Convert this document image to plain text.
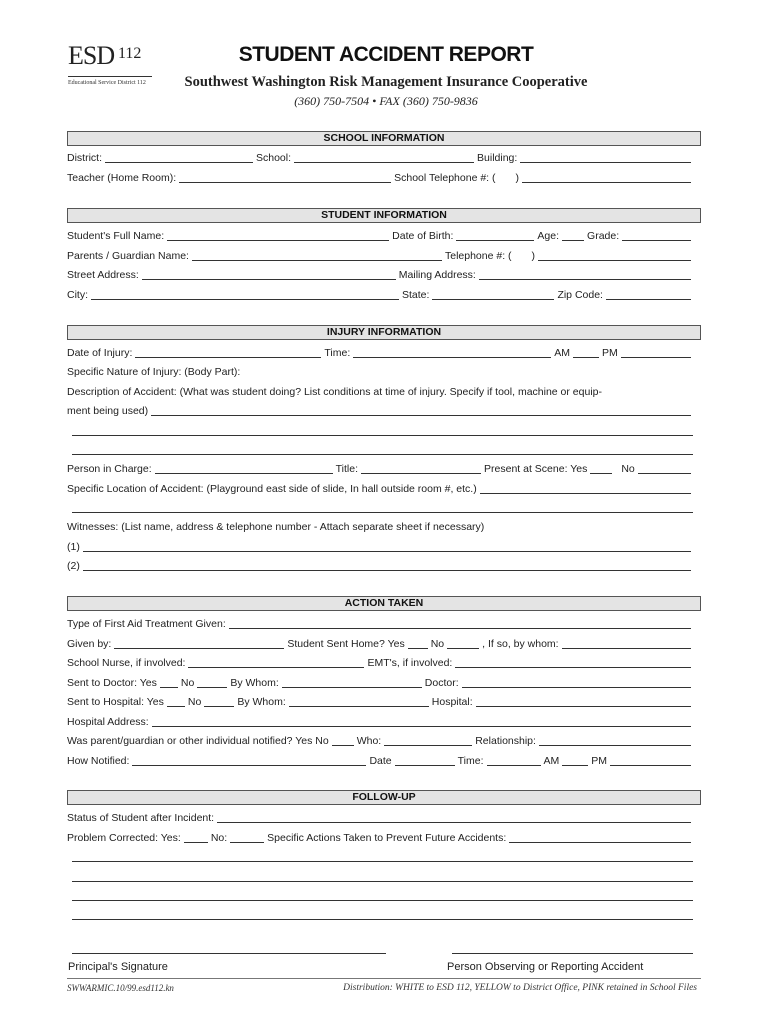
ESD 112
Educational Service District 112
STUDENT ACCIDENT REPORT
Southwest Washington Risk Management Insurance Cooperative
(360) 750-7504 • FAX (360) 750-9836
SCHOOL INFORMATION
District:	School:	Building:
Teacher (Home Room):	School Telephone #: (	)
STUDENT INFORMATION
Student's Full Name:	Date of Birth:	Age:	Grade:
Parents / Guardian Name:	Telephone #: (	)
Street Address:	Mailing Address:
City:	State:	Zip Code:
INJURY INFORMATION
Date of Injury:	Time:	AM	PM
Specific Nature of Injury: (Body Part):
Description of Accident: (What was student doing? List conditions at time of injury. Specify if tool, machine or equip-
ment being used)
Person in Charge:	Title:	Present at Scene: Yes	No
Specific Location of Accident: (Playground east side of slide, In hall outside room #, etc.)
Witnesses: (List name, address & telephone number - Attach separate sheet if necessary)
(1)
(2)
ACTION TAKEN
Type of First Aid Treatment Given:
Given by:	Student Sent Home? Yes No	, If so, by whom:
School Nurse, if involved:	EMT's, if involved:
Sent to Doctor: Yes No	By Whom:	Doctor:
Sent to Hospital: Yes No	By Whom:	Hospital:
Hospital Address:
Was parent/guardian or other individual notified? Yes No	Who:	Relationship:
How Notified:	Date	Time:	AM	PM
FOLLOW-UP
Status of Student after Incident:
Problem Corrected: Yes:	No:	Specific Actions Taken to Prevent Future Accidents:
Principal's Signature	Person Observing or Reporting Accident
SWWARMIC.10/99.esd112.kn	Distribution: WHITE to ESD 112, YELLOW to District Office, PINK retained in School Files
